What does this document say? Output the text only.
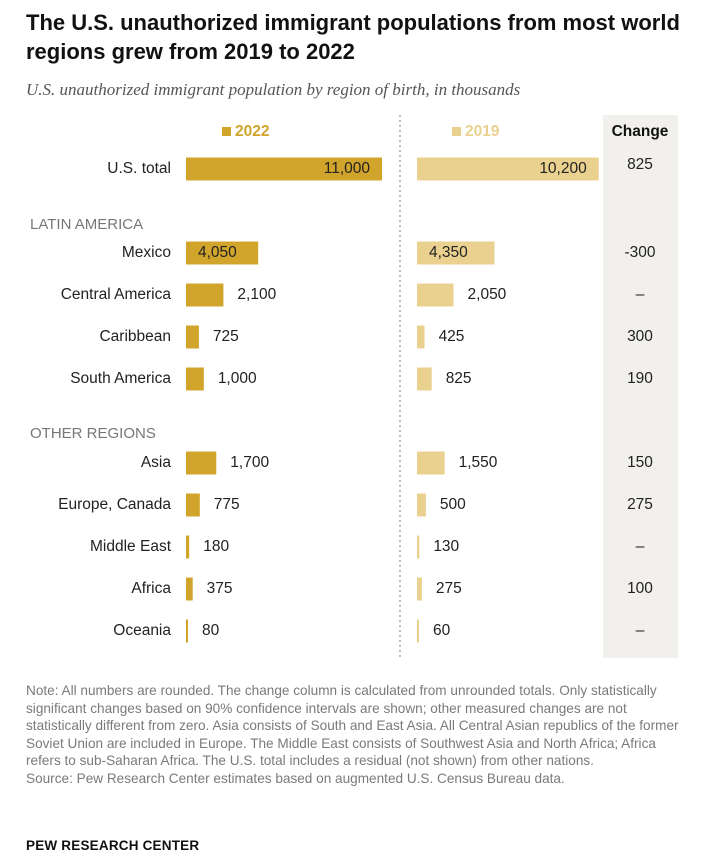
The U.S. unauthorized immigrant populations from most world regions grew from 2019 to 2022

U.S. unauthorized immigrant population by region of birth, in thousands

2022	2019	Change
LATIN AMERICA
OTHER REGIONS
U.S. total	11,000	10,200	825
Mexico 4,050	4,350	-300
Central America	2,100	2,050	–
Caribbean	725	425	300
South America	1,000	825	190
Asia	1,700	1,550	150
Europe, Canada	775	500	275
Middle East 180	130	–
Africa 375	275	100
Oceania 80	60	–

Note: All numbers are rounded. The change column is calculated from unrounded totals. Only statistically significant changes based on 90% confidence intervals are shown; other measured changes are not statistically different from zero. Asia consists of South and East Asia. All Central Asian republics of the former Soviet Union are included in Europe. The Middle East consists of Southwest Asia and North Africa; Africa refers to sub-Saharan Africa. The U.S. total includes a residual (not shown) from other nations.

Source: Pew Research Center estimates based on augmented U.S. Census Bureau data.

PEW RESEARCH CENTER
